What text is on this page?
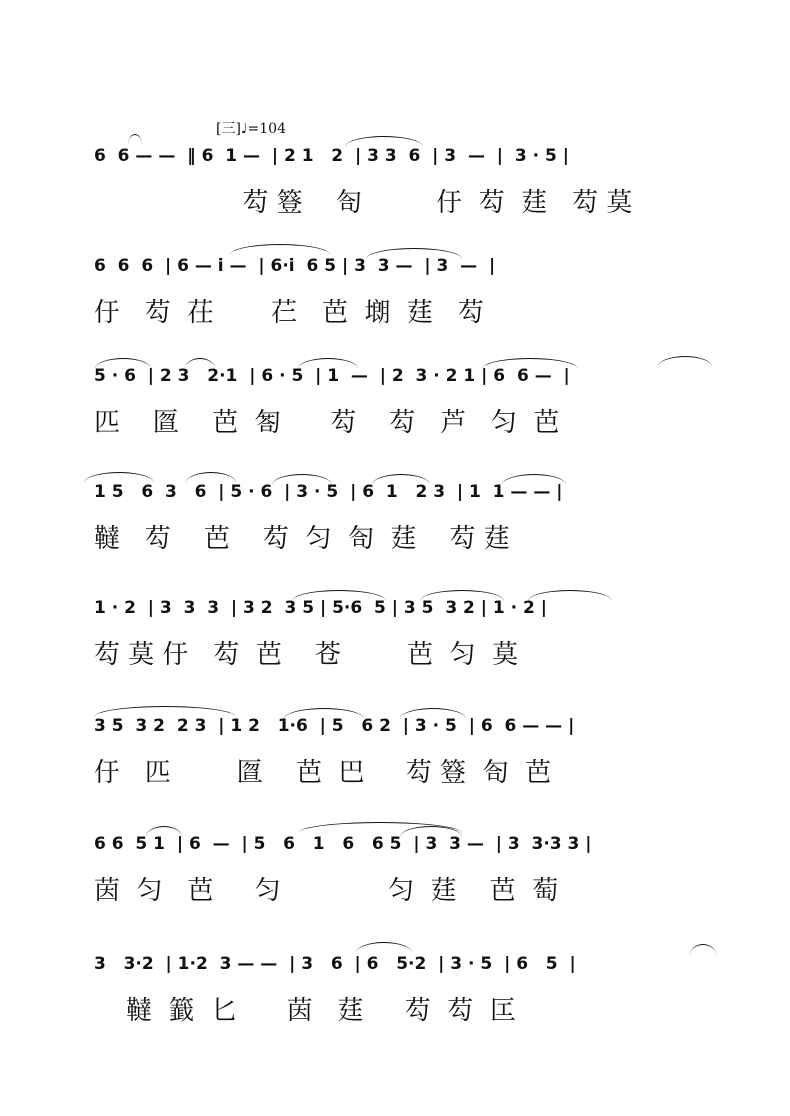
[三]♩=104
6  6 — —  ‖ 6  1 —  | 2 1   2  | 3 3  6  | 3  —  |  3 · 5 |
芶 簦    匌         㐵  芶  莛   芶 莫
6  6  6  | 6 — i —  | 6·i  6 5 | 3  3 —  | 3  —  |
㐵   芶  茌       芢   芭  㙟  莛   芶
5 · 6  | 2 3   2·1  | 6 · 5  | 1  —  | 2  3 · 2 1 | 6  6 —  |
匹    匫    芭  匒      芶    芶   芦   匀  芭
1 5   6  3   6  | 5 · 6  | 3 · 5  | 6  1   2 3  | 1  1 — — |
韃   芶    芭    芶  匀  匌  莛    芶 莛
1 · 2  | 3  3  3  | 3 2  3 5 | 5·6  5 | 3 5  3 2 | 1 · 2 |
芶 莫 㐵   芶  芭    苍        芭  匀  莫
3 5  3 2  2 3  | 1 2   1·6  | 5   6 2  | 3 · 5  | 6  6 — — |
㐵   匹        匫    芭  巴     芶 簦  匌  芭
6 6  5 1  | 6  —  | 5   6   1   6   6 5  | 3  3 —  | 3  3·3 3 |
茵  匀   芭     匀             匀  莛    芭  萄
3   3·2  | 1·2  3 — —  | 3   6  | 6   5·2  | 3 · 5  | 6   5  |
韃  籖  匕      茵   莛     芶  芶  匞
